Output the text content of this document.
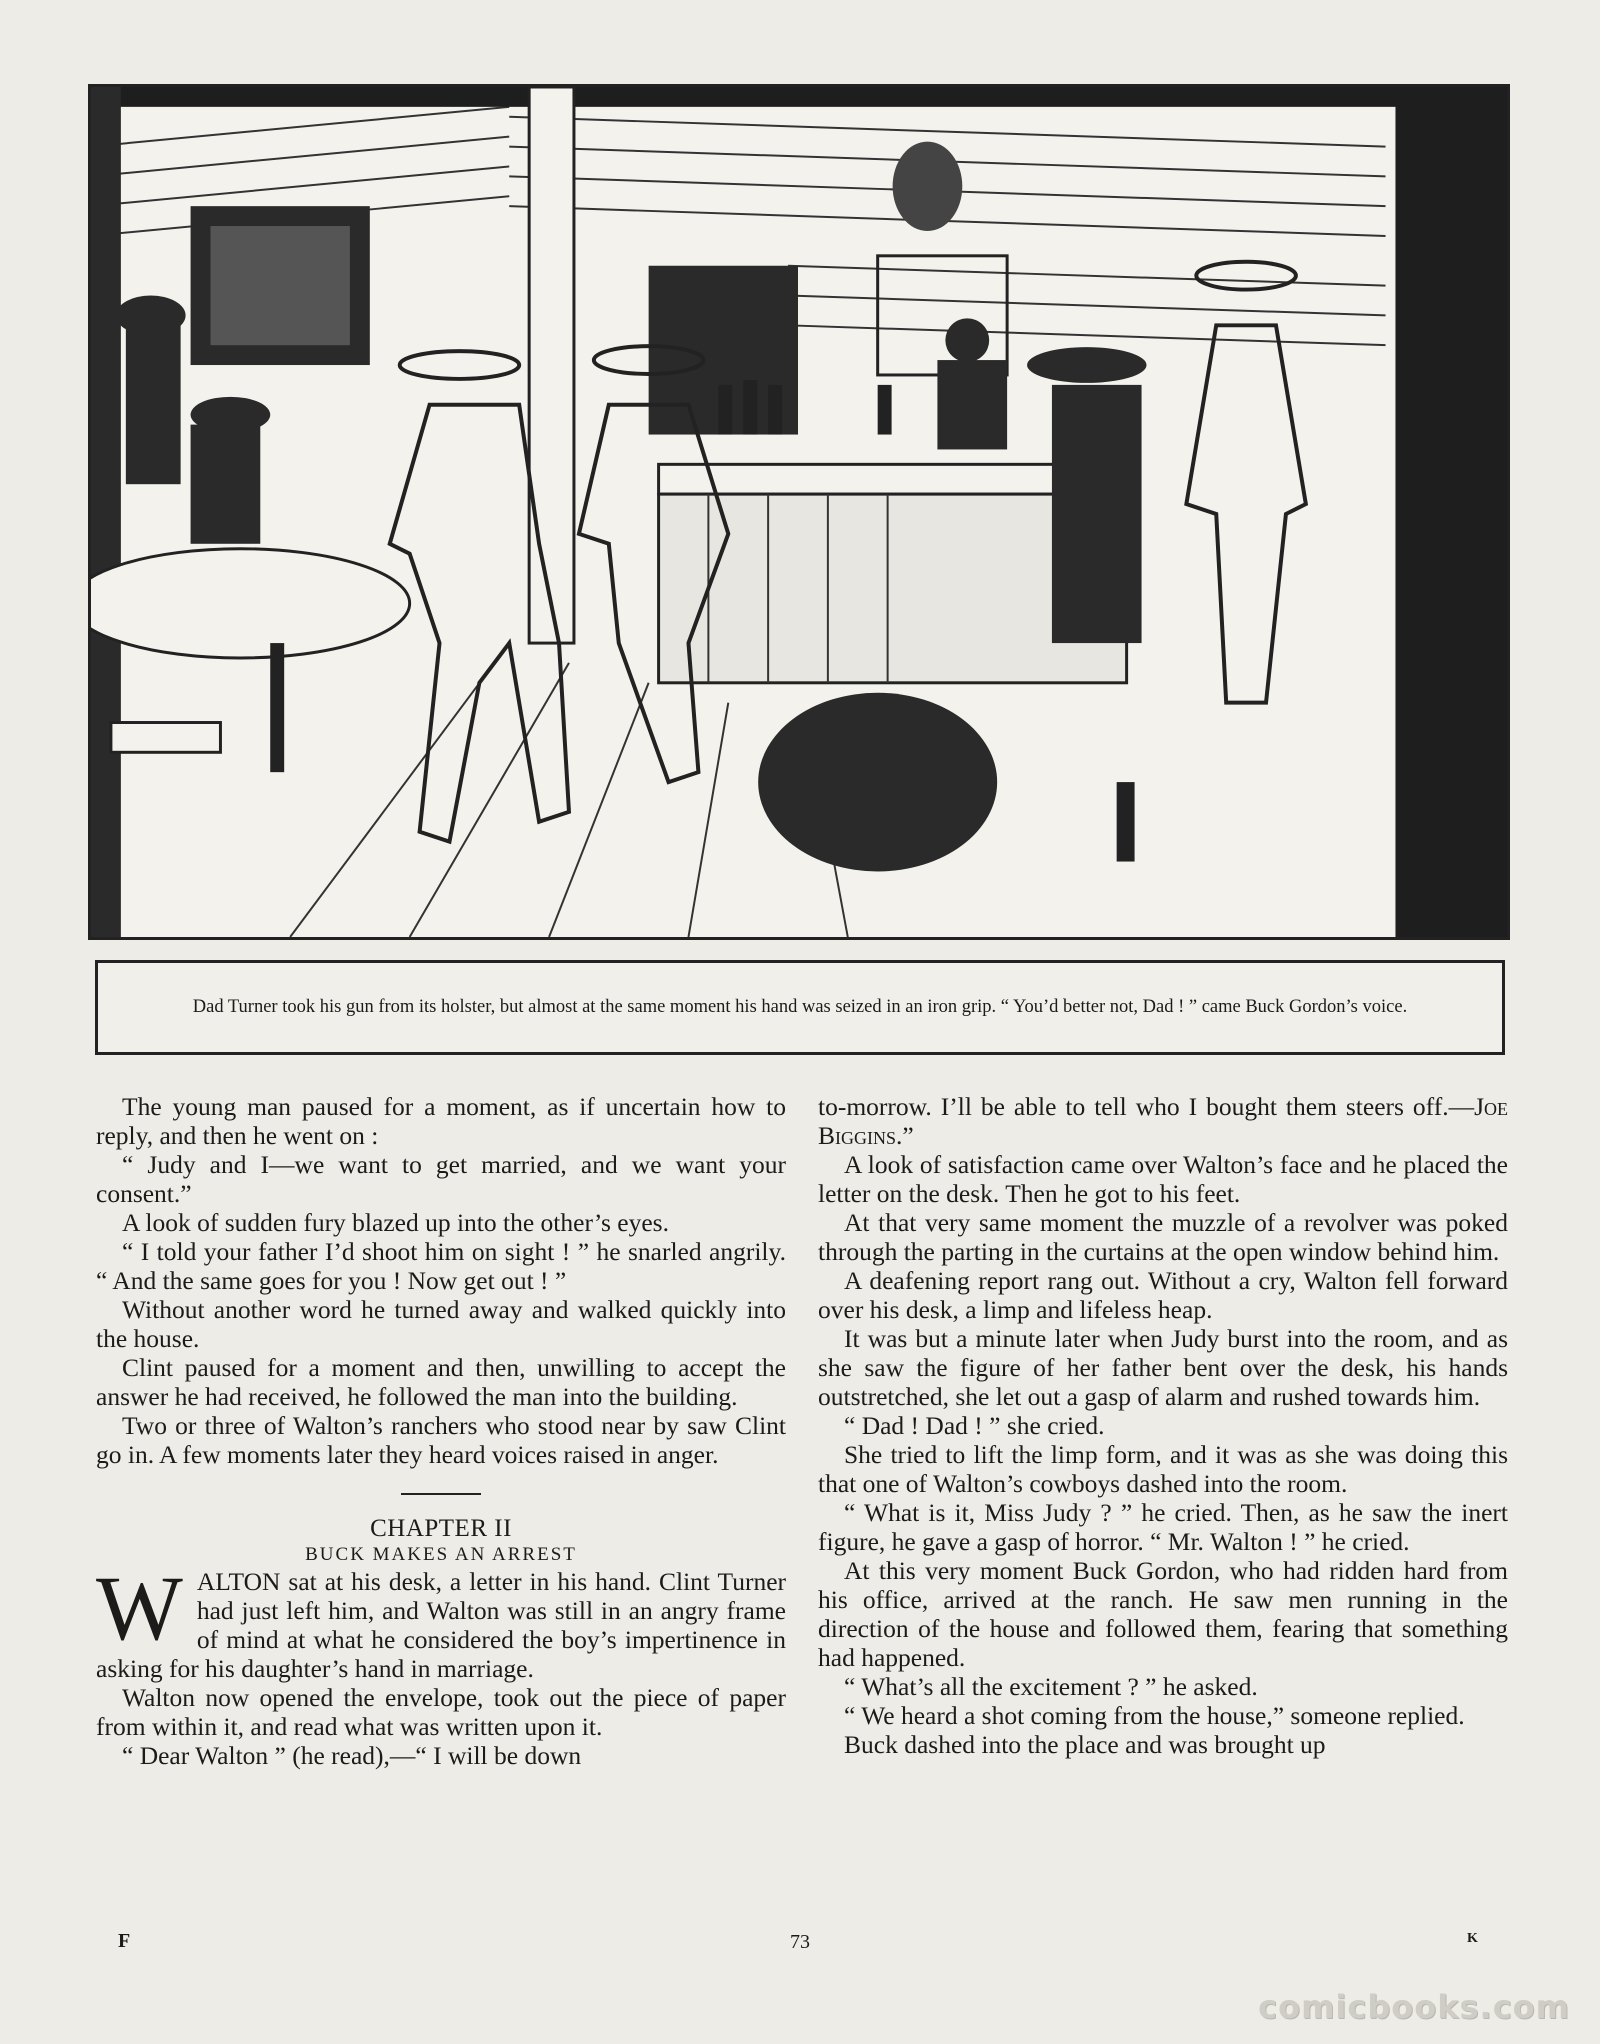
Dad Turner took his gun from its holster, but almost at the same moment his hand was seized in an iron grip. “ You’d better not, Dad ! ” came Buck Gordon’s voice.

The young man paused for a moment, as if uncertain how to reply, and then he went on :

“ Judy and I—we want to get married, and we want your consent.”

A look of sudden fury blazed up into the other’s eyes.

“ I told your father I’d shoot him on sight ! ” he snarled angrily. “ And the same goes for you ! Now get out ! ”

Without another word he turned away and walked quickly into the house.

Clint paused for a moment and then, unwilling to accept the answer he had received, he followed the man into the building.

Two or three of Walton’s ranchers who stood near by saw Clint go in. A few moments later they heard voices raised in anger.

CHAPTER II

BUCK MAKES AN ARREST

WALTON sat at his desk, a letter in his hand. Clint Turner had just left him, and Walton was still in an angry frame of mind at what he considered the boy’s impertinence in asking for his daughter’s hand in marriage.

Walton now opened the envelope, took out the piece of paper from within it, and read what was written upon it.

“ Dear Walton ” (he read),—“ I will be down

to-morrow. I’ll be able to tell who I bought them steers off.—Joe Biggins.”

A look of satisfaction came over Walton’s face and he placed the letter on the desk. Then he got to his feet.

At that very same moment the muzzle of a revolver was poked through the parting in the curtains at the open window behind him.

A deafening report rang out. Without a cry, Walton fell forward over his desk, a limp and lifeless heap.

It was but a minute later when Judy burst into the room, and as she saw the figure of her father bent over the desk, his hands outstretched, she let out a gasp of alarm and rushed towards him.

“ Dad ! Dad ! ” she cried.

She tried to lift the limp form, and it was as she was doing this that one of Walton’s cowboys dashed into the room.

“ What is it, Miss Judy ? ” he cried. Then, as he saw the inert figure, he gave a gasp of horror. “ Mr. Walton ! ” he cried.

At this very moment Buck Gordon, who had ridden hard from his office, arrived at the ranch. He saw men running in the direction of the house and followed them, fearing that something had happened.

“ What’s all the excitement ? ” he asked.

“ We heard a shot coming from the house,” someone replied.

Buck dashed into the place and was brought up

F	73	K
comicbooks.com
